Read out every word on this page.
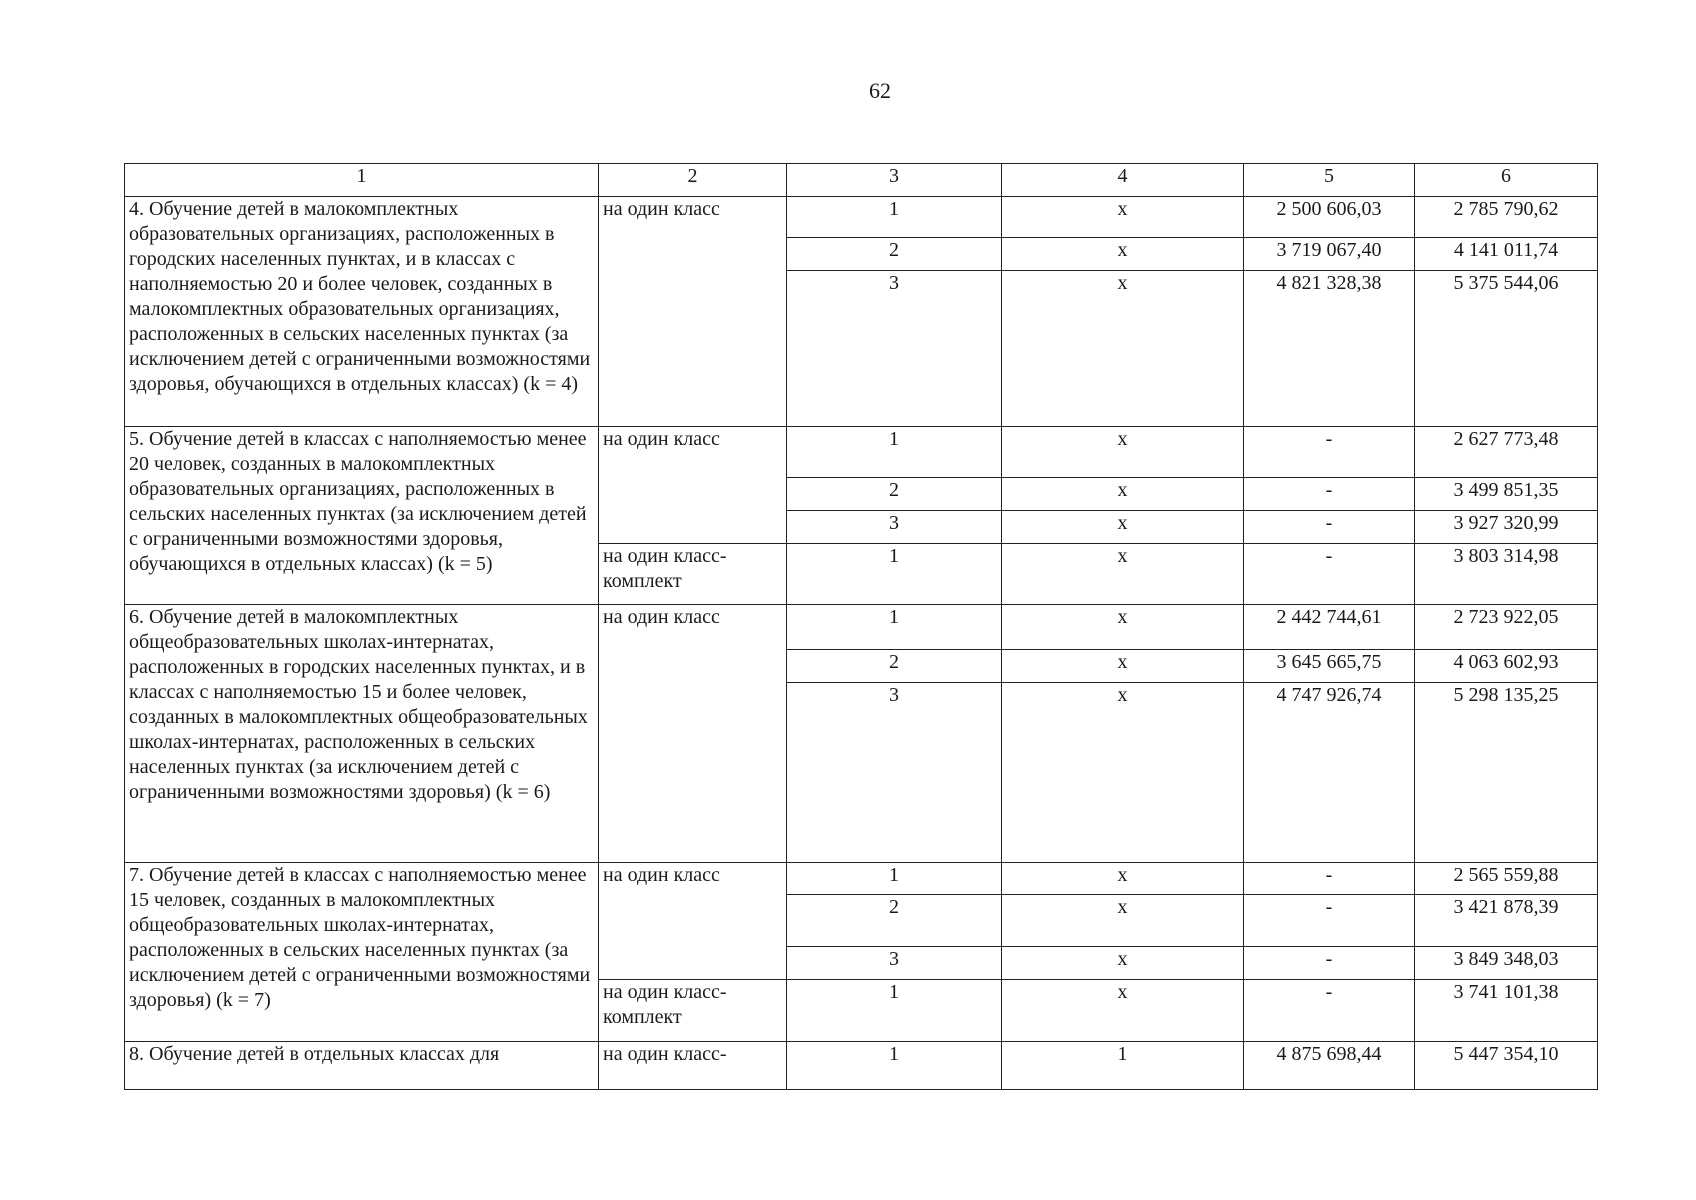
62
1	2	3	4	5	6
4. Обучение детей в малокомплектных образовательных организациях, расположенных в городских населенных пунктах, и в классах с наполняемостью 20 и более человек, созданных в малокомплектных образовательных организациях, расположенных в сельских населенных пунктах (за исключением детей с ограниченными возможностями здоровья, обучающихся в отдельных классах) (k = 4)	на один класс	1	х	2 500 606,03	2 785 790,62
		2	х	3 719 067,40	4 141 011,74
		3	х	4 821 328,38	5 375 544,06
5. Обучение детей в классах с наполняемостью менее 20 человек, созданных в малокомплектных образовательных организациях, расположенных в сельских населенных пунктах (за исключением детей с ограниченными возможностями здоровья, обучающихся в отдельных классах) (k = 5)	на один класс	1	х	-	2 627 773,48
		2	х	-	3 499 851,35
		3	х	-	3 927 320,99
	на один класс-комплект	1	х	-	3 803 314,98
6. Обучение детей в малокомплектных общеобразовательных школах-интернатах, расположенных в городских населенных пунктах, и в классах с наполняемостью 15 и более человек, созданных в малокомплектных общеобразовательных школах-интернатах, расположенных в сельских населенных пунктах (за исключением детей с ограниченными возможностями здоровья) (k = 6)	на один класс	1	х	2 442 744,61	2 723 922,05
		2	х	3 645 665,75	4 063 602,93
		3	х	4 747 926,74	5 298 135,25
7. Обучение детей в классах с наполняемостью менее 15 человек, созданных в малокомплектных общеобразовательных школах-интернатах, расположенных в сельских населенных пунктах (за исключением детей с ограниченными возможностями здоровья) (k = 7)	на один класс	1	х	-	2 565 559,88
		2	х	-	3 421 878,39
		3	х	-	3 849 348,03
	на один класс-комплект	1	х	-	3 741 101,38
8. Обучение детей в отдельных классах для	на один класс-	1	1	4 875 698,44	5 447 354,10
